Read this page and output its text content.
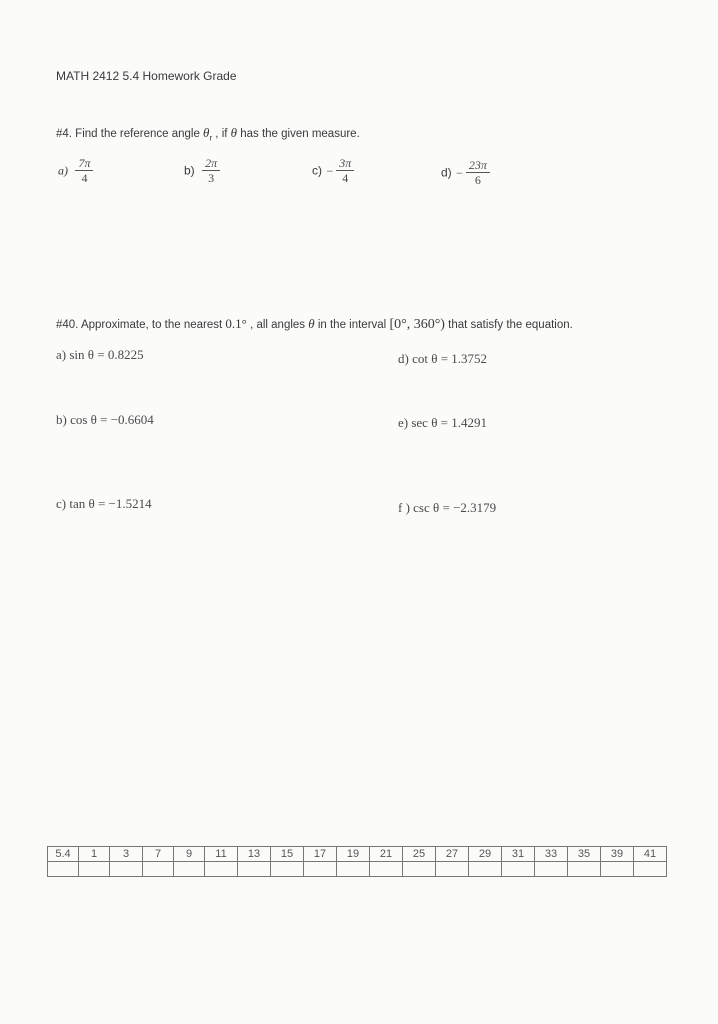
MATH 2412 5.4 Homework Grade
#4. Find the reference angle $\theta_r$ , if θ has the given measure.
$a) \frac{7\pi}{4}$	$b) \frac{2\pi}{3}$	$c) - \frac{3\pi}{4}$	$d) - \frac{23\pi}{6}$
#40. Approximate, to the nearest 0.1° , all angles θ in the interval [0°, 360°) that satisfy the equation.
a) sin θ = 0.8225
b) cos θ = −0.6604
c) tan θ = −1.5214
d) cot θ = 1.3752
e) sec θ = 1.4291
f ) csc θ = −2.3179
5.4	1	3	7	9	11	13	15	17	19	21	25	27	29	31	33	35	39	41
